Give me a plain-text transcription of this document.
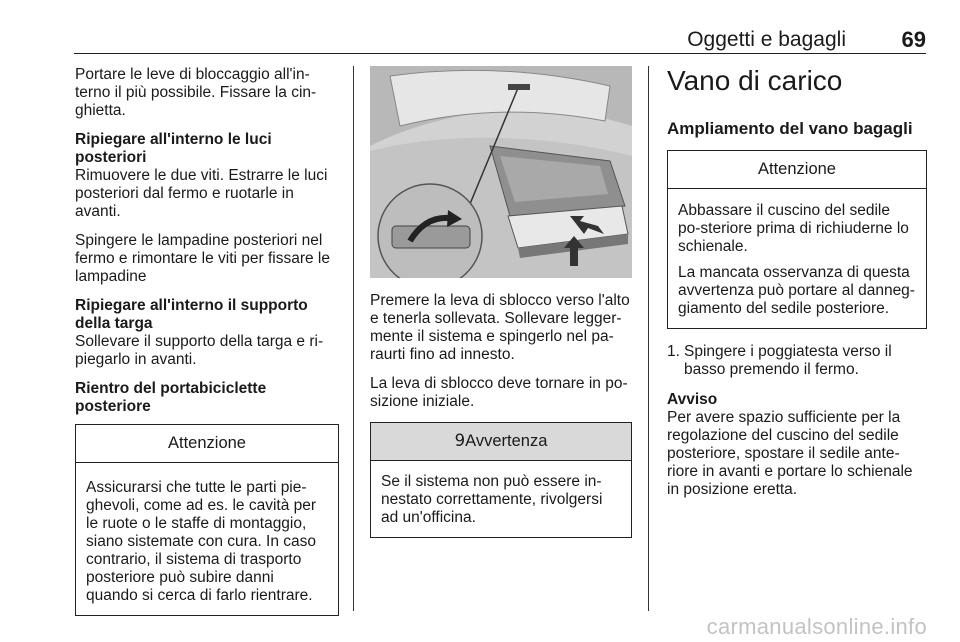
Oggetti e bagagli	69

Portare le leve di bloccaggio all'in-terno il più possibile. Fissare la cin-ghietta.

Ripiegare all'interno le luci posteriori

Rimuovere le due viti. Estrarre le luci posteriori dal fermo e ruotarle in avanti.

Spingere le lampadine posteriori nel fermo e rimontare le viti per fissare le lampadine

Ripiegare all'interno il supporto della targa

Sollevare il supporto della targa e ri-piegarlo in avanti.

Rientro del portabiciclette posteriore

Attenzione

Assicurarsi che tutte le parti pie-ghevoli, come ad es. le cavità per le ruote o le staffe di montaggio, siano sistemate con cura. In caso contrario, il sistema di trasporto posteriore può subire danni quando si cerca di farlo rientrare.

Premere la leva di sblocco verso l'alto e tenerla sollevata. Sollevare legger-mente il sistema e spingerlo nel pa-raurti fino ad innesto.

La leva di sblocco deve tornare in po-sizione iniziale.

9Avvertenza

Se il sistema non può essere in-nestato correttamente, rivolgersi ad un'officina.

Vano di carico
Ampliamento del vano bagagli
Attenzione

Abbassare il cuscino del sedile po-steriore prima di richiuderne lo schienale.

La mancata osservanza di questa avvertenza può portare al danneg-giamento del sedile posteriore.

1. Spingere i poggiatesta verso il basso premendo il fermo.
Avviso

Per avere spazio sufficiente per la regolazione del cuscino del sedile posteriore, spostare il sedile ante-riore in avanti e portare lo schienale in posizione eretta.

carmanualsonline.info
